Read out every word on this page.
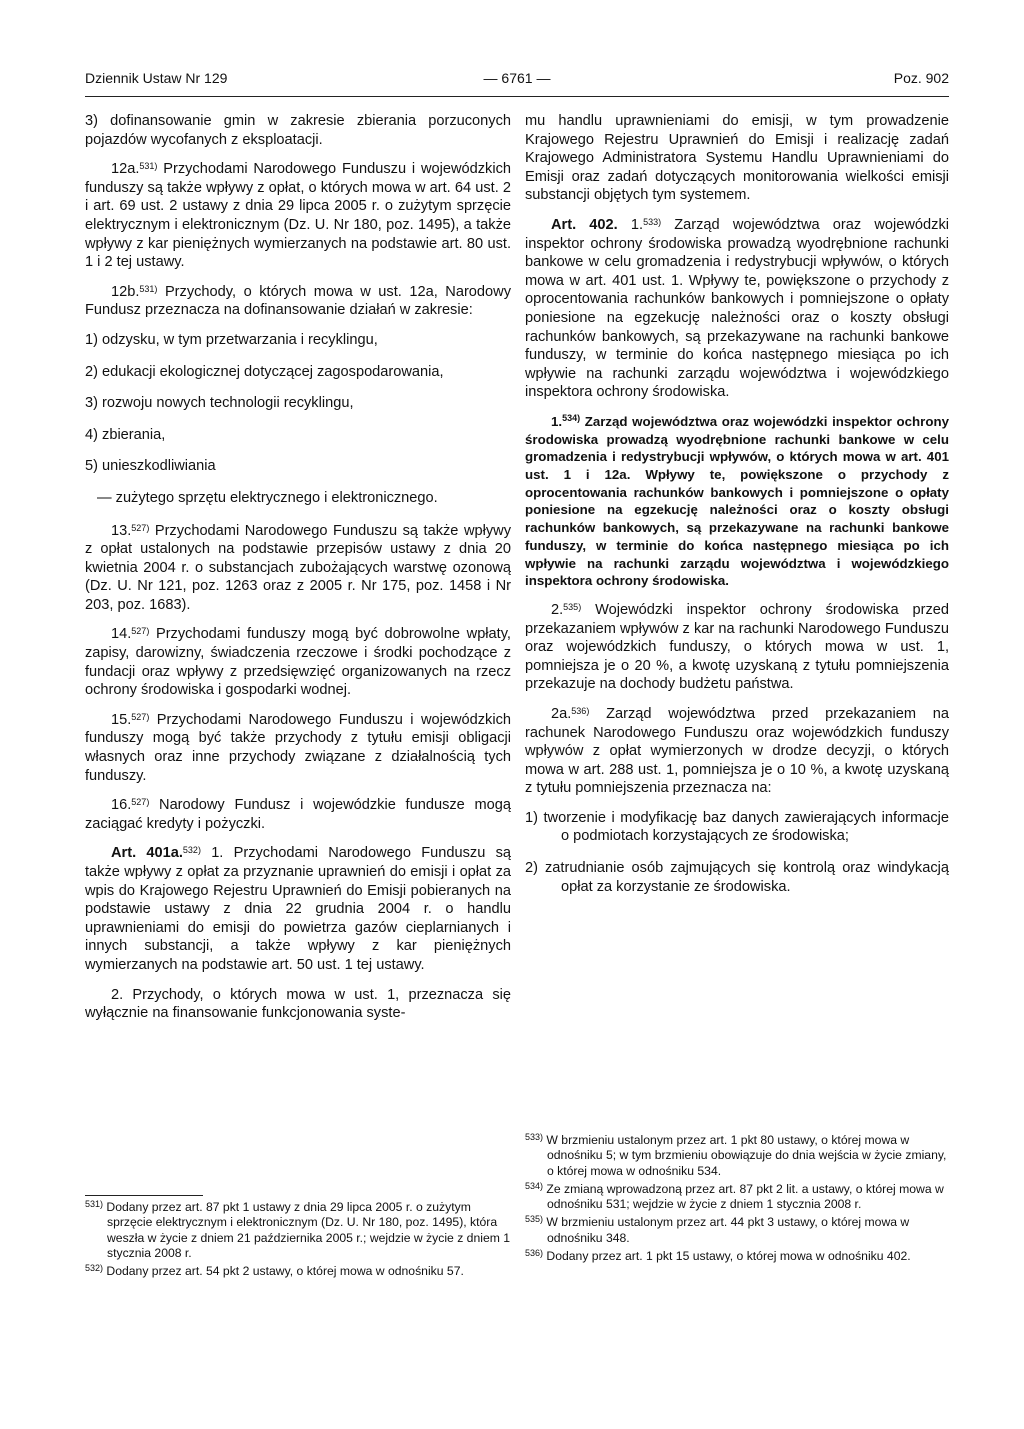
Dziennik Ustaw Nr 129	— 6761 —	Poz. 902

3) dofinansowanie gmin w zakresie zbierania porzuconych pojazdów wycofanych z eksploatacji.

12a.$^{531)}$ Przychodami Narodowego Funduszu i wojewódzkich funduszy są także wpływy z opłat, o których mowa w art. 64 ust. 2 i art. 69 ust. 2 ustawy z dnia 29 lipca 2005 r. o zużytym sprzęcie elektrycznym i elektronicznym (Dz. U. Nr 180, poz. 1495), a także wpływy z kar pieniężnych wymierzanych na podstawie art. 80 ust. 1 i 2 tej ustawy.

12b.$^{531)}$ Przychody, o których mowa w ust. 12a, Narodowy Fundusz przeznacza na dofinansowanie działań w zakresie:

1) odzysku, w tym przetwarzania i recyklingu,

2) edukacji ekologicznej dotyczącej zagospodarowania,

3) rozwoju nowych technologii recyklingu,

4) zbierania,

5) unieszkodliwiania

— zużytego sprzętu elektrycznego i elektronicznego.

13.$^{527)}$ Przychodami Narodowego Funduszu są także wpływy z opłat ustalonych na podstawie przepisów ustawy z dnia 20 kwietnia 2004 r. o substancjach zubożających warstwę ozonową (Dz. U. Nr 121, poz. 1263 oraz z 2005 r. Nr 175, poz. 1458 i Nr 203, poz. 1683).

14.$^{527)}$ Przychodami funduszy mogą być dobrowolne wpłaty, zapisy, darowizny, świadczenia rzeczowe i środki pochodzące z fundacji oraz wpływy z przedsięwzięć organizowanych na rzecz ochrony środowiska i gospodarki wodnej.

15.$^{527)}$ Przychodami Narodowego Funduszu i wojewódzkich funduszy mogą być także przychody z tytułu emisji obligacji własnych oraz inne przychody związane z działalnością tych funduszy.

16.$^{527)}$ Narodowy Fundusz i wojewódzkie fundusze mogą zaciągać kredyty i pożyczki.

Art. 401a.$^{532)}$ 1. Przychodami Narodowego Funduszu są także wpływy z opłat za przyznanie uprawnień do emisji i opłat za wpis do Krajowego Rejestru Uprawnień do Emisji pobieranych na podstawie ustawy z dnia 22 grudnia 2004 r. o handlu uprawnieniami do emisji do powietrza gazów cieplarnianych i innych substancji, a także wpływy z kar pieniężnych wymierzanych na podstawie art. 50 ust. 1 tej ustawy.

2. Przychody, o których mowa w ust. 1, przeznacza się wyłącznie na finansowanie funkcjonowania syste-

$^{531)}$ Dodany przez art. 87 pkt 1 ustawy z dnia 29 lipca 2005 r. o zużytym sprzęcie elektrycznym i elektronicznym (Dz. U. Nr 180, poz. 1495), która weszła w życie z dniem 21 października 2005 r.; wejdzie w życie z dniem 1 stycznia 2008 r.
$^{532)}$ Dodany przez art. 54 pkt 2 ustawy, o której mowa w odnośniku 57.

mu handlu uprawnieniami do emisji, w tym prowadzenie Krajowego Rejestru Uprawnień do Emisji i realizację zadań Krajowego Administratora Systemu Handlu Uprawnieniami do Emisji oraz zadań dotyczących monitorowania wielkości emisji substancji objętych tym systemem.

Art. 402. 1.$^{533)}$ Zarząd województwa oraz wojewódzki inspektor ochrony środowiska prowadzą wyodrębnione rachunki bankowe w celu gromadzenia i redystrybucji wpływów, o których mowa w art. 401 ust. 1. Wpływy te, powiększone o przychody z oprocentowania rachunków bankowych i pomniejszone o opłaty poniesione na egzekucję należności oraz o koszty obsługi rachunków bankowych, są przekazywane na rachunki bankowe funduszy, w terminie do końca następnego miesiąca po ich wpływie na rachunki zarządu województwa i wojewódzkiego inspektora ochrony środowiska.

1.$^{534)}$ Zarząd województwa oraz wojewódzki inspektor ochrony środowiska prowadzą wyodrębnione rachunki bankowe w celu gromadzenia i redystrybucji wpływów, o których mowa w art. 401 ust. 1 i 12a. Wpływy te, powiększone o przychody z oprocentowania rachunków bankowych i pomniejszone o opłaty poniesione na egzekucję należności oraz o koszty obsługi rachunków bankowych, są przekazywane na rachunki bankowe funduszy, w terminie do końca następnego miesiąca po ich wpływie na rachunki zarządu województwa i wojewódzkiego inspektora ochrony środowiska.

2.$^{535)}$ Wojewódzki inspektor ochrony środowiska przed przekazaniem wpływów z kar na rachunki Narodowego Funduszu oraz wojewódzkich funduszy, o których mowa w ust. 1, pomniejsza je o 20 %, a kwotę uzyskaną z tytułu pomniejszenia przekazuje na dochody budżetu państwa.

2a.$^{536)}$ Zarząd województwa przed przekazaniem na rachunek Narodowego Funduszu oraz wojewódzkich funduszy wpływów z opłat wymierzonych w drodze decyzji, o których mowa w art. 288 ust. 1, pomniejsza je o 10 %, a kwotę uzyskaną z tytułu pomniejszenia przeznacza na:

1) tworzenie i modyfikację baz danych zawierających informacje o podmiotach korzystających ze środowiska;

2) zatrudnianie osób zajmujących się kontrolą oraz windykacją opłat za korzystanie ze środowiska.

$^{533)}$ W brzmieniu ustalonym przez art. 1 pkt 80 ustawy, o której mowa w odnośniku 5; w tym brzmieniu obowiązuje do dnia wejścia w życie zmiany, o której mowa w odnośniku 534.
$^{534)}$ Ze zmianą wprowadzoną przez art. 87 pkt 2 lit. a ustawy, o której mowa w odnośniku 531; wejdzie w życie z dniem 1 stycznia 2008 r.
$^{535)}$ W brzmieniu ustalonym przez art. 44 pkt 3 ustawy, o której mowa w odnośniku 348.
$^{536)}$ Dodany przez art. 1 pkt 15 ustawy, o której mowa w odnośniku 402.
